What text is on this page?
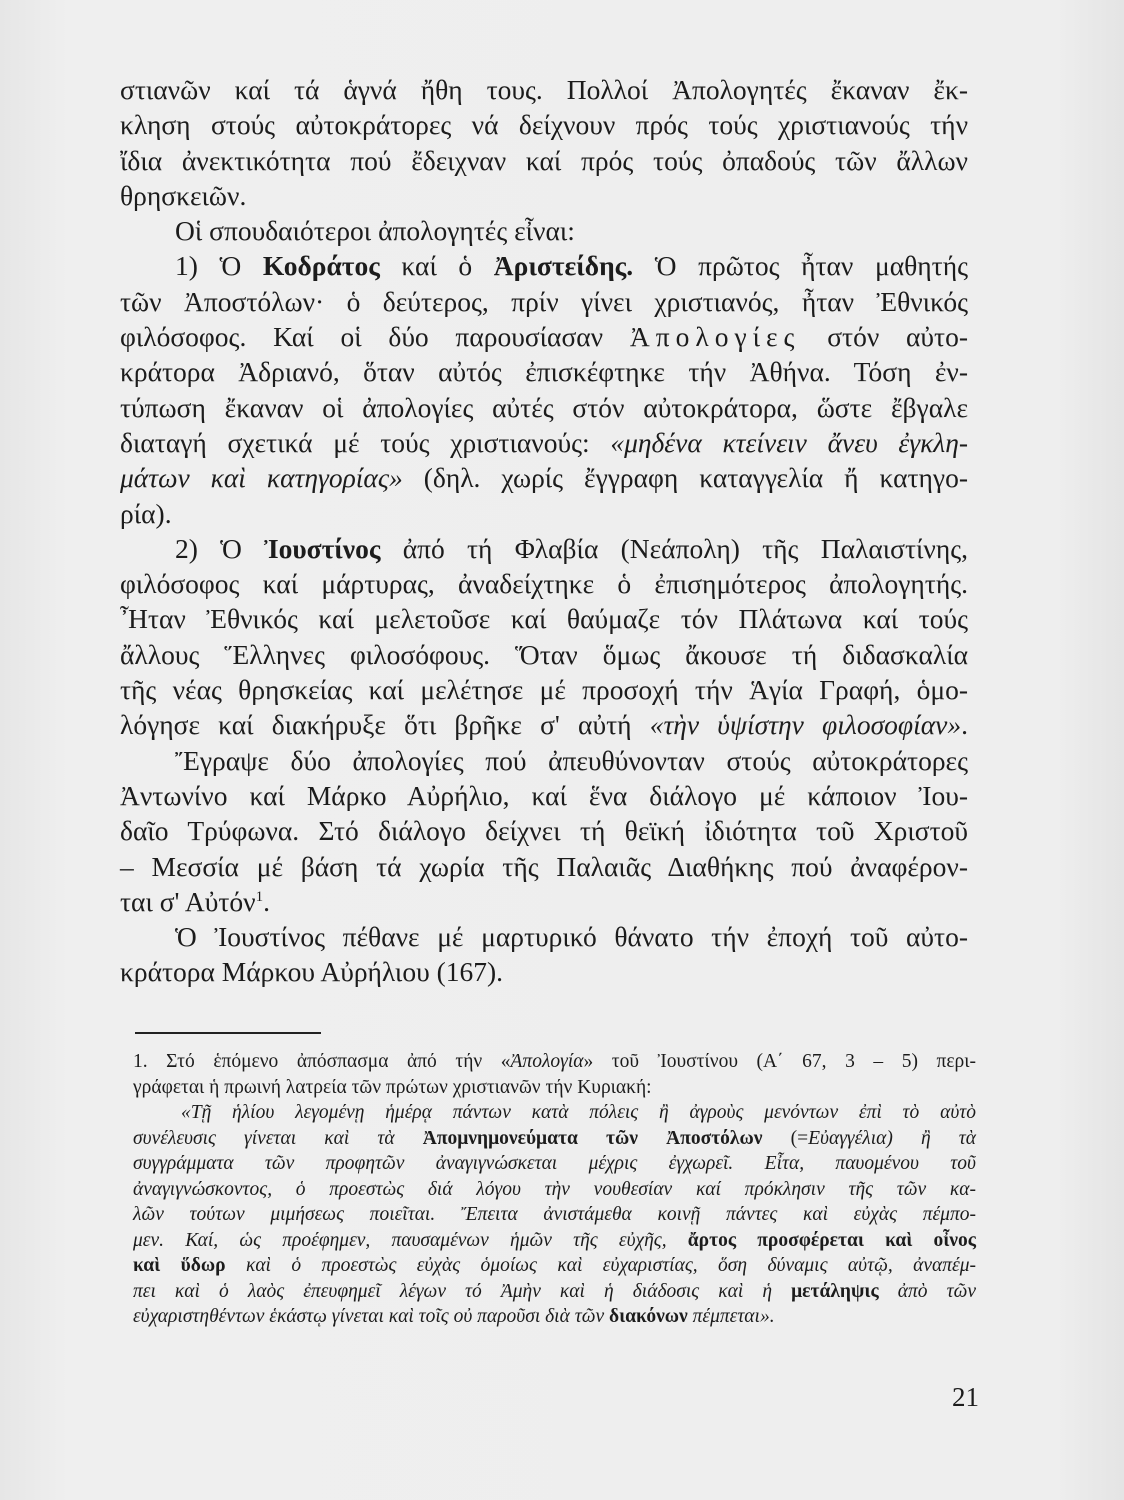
στιανῶν καί τά ἁγνά ἤθη τους. Πολλοί Ἀπολογητές ἔκαναν ἔκ-
κληση στούς αὐτοκράτορες νά δείχνουν πρός τούς χριστιανούς τήν
ἴδια ἀνεκτικότητα πού ἔδειχναν καί πρός τούς ὀπαδούς τῶν ἄλλων
θρησκειῶν.
Οἱ σπουδαιότεροι ἀπολογητές εἶναι:
1) Ὁ Κοδράτος καί ὁ Ἀριστείδης. Ὁ πρῶτος ἦταν μαθητής
τῶν Ἀποστόλων· ὁ δεύτερος, πρίν γίνει χριστιανός, ἦταν Ἐθνικός
φιλόσοφος. Καί οἱ δύο παρουσίασαν Ἀπολογίες στόν αὐτο-
κράτορα Ἀδριανό, ὅταν αὐτός ἐπισκέφτηκε τήν Ἀθήνα. Τόση ἐν-
τύπωση ἔκαναν οἱ ἀπολογίες αὐτές στόν αὐτοκράτορα, ὥστε ἔβγαλε
διαταγή σχετικά μέ τούς χριστιανούς: «μηδένα κτείνειν ἄνευ ἐγκλη-
μάτων καὶ κατηγορίας» (δηλ. χωρίς ἔγγραφη καταγγελία ἤ κατηγο-
ρία).
2) Ὁ Ἰουστίνος ἀπό τή Φλαβία (Νεάπολη) τῆς Παλαιστίνης,
φιλόσοφος καί μάρτυρας, ἀναδείχτηκε ὁ ἐπισημότερος ἀπολογητής.
Ἦταν Ἐθνικός καί μελετοῦσε καί θαύμαζε τόν Πλάτωνα καί τούς
ἄλλους Ἕλληνες φιλοσόφους. Ὅταν ὅμως ἄκουσε τή διδασκαλία
τῆς νέας θρησκείας καί μελέτησε μέ προσοχή τήν Ἁγία Γραφή, ὁμο-
λόγησε καί διακήρυξε ὅτι βρῆκε σ' αὐτή «τὴν ὑψίστην φιλοσοφίαν».
Ἔγραψε δύο ἀπολογίες πού ἀπευθύνονταν στούς αὐτοκράτορες
Ἀντωνίνο καί Μάρκο Αὐρήλιο, καί ἕνα διάλογο μέ κάποιον Ἰου-
δαῖο Τρύφωνα. Στό διάλογο δείχνει τή θεϊκή ἰδιότητα τοῦ Χριστοῦ
– Μεσσία μέ βάση τά χωρία τῆς Παλαιᾶς Διαθήκης πού ἀναφέρον-
ται σ' Αὐτόν$^1$.
Ὁ Ἰουστίνος πέθανε μέ μαρτυρικό θάνατο τήν ἐποχή τοῦ αὐτο-
κράτορα Μάρκου Αὐρήλιου (167).
1. Στό ἑπόμενο ἀπόσπασμα ἀπό τήν «Ἀπολογία» τοῦ Ἰουστίνου (Α΄ 67, 3 – 5) περι-
γράφεται ἡ πρωινή λατρεία τῶν πρώτων χριστιανῶν τήν Κυριακή:
«Τῇ ἡλίου λεγομένῃ ἡμέρᾳ πάντων κατὰ πόλεις ἢ ἀγροὺς μενόντων ἐπὶ τὸ αὐτὸ
συνέλευσις γίνεται καὶ τὰ Ἀπομνημονεύματα τῶν Ἀποστόλων (=Εὐαγγέλια) ἢ τὰ
συγγράμματα τῶν προφητῶν ἀναγιγνώσκεται μέχρις ἐγχωρεῖ. Εἶτα, παυομένου τοῦ
ἀναγιγνώσκοντος, ὁ προεστὼς διά λόγου τὴν νουθεσίαν καί πρόκλησιν τῆς τῶν κα-
λῶν τούτων μιμήσεως ποιεῖται. Ἔπειτα ἀνιστάμεθα κοινῇ πάντες καὶ εὐχὰς πέμπο-
μεν. Καί, ὡς προέφημεν, παυσαμένων ἡμῶν τῆς εὐχῆς, ἄρτος προσφέρεται καὶ οἶνος
καὶ ὕδωρ καὶ ὁ προεστὼς εὐχὰς ὁμοίως καὶ εὐχαριστίας, ὅση δύναμις αὐτῷ, ἀναπέμ-
πει καὶ ὁ λαὸς ἐπευφημεῖ λέγων τό Ἀμὴν καὶ ἡ διάδοσις καὶ ἡ μετάληψις ἀπὸ τῶν
εὐχαριστηθέντων ἑκάστῳ γίνεται καὶ τοῖς οὐ παροῦσι διὰ τῶν διακόνων πέμπεται».
21
